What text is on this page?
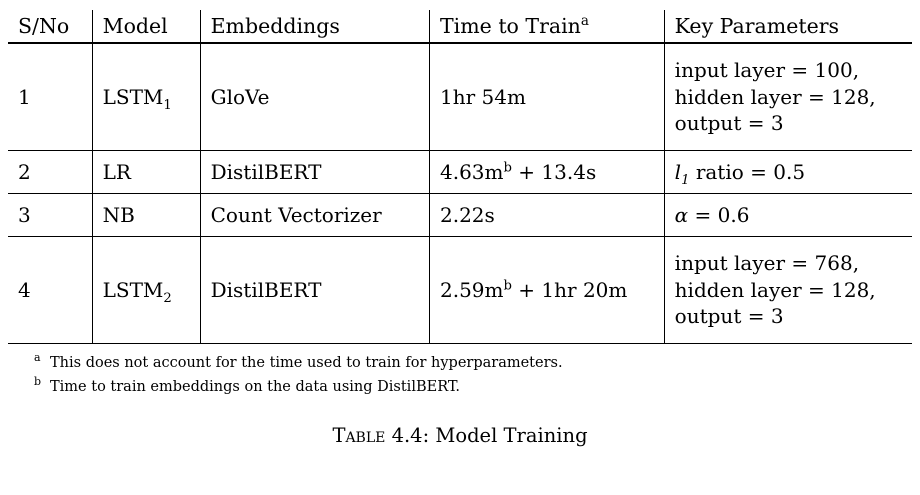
S/No	Model	Embeddings	Time to Train$^a$	Key Parameters
1	$LSTM_1$	GloVe	1hr 54m	input layer = 100,
hidden layer = 128,
output = 3

2	LR	DistilBERT	$4.63m^b + 13.4s$	$l_1$ ratio = 0.5
3	NB	Count Vectorizer	2.22s	α = 0.6
4	$LSTM_2$	DistilBERT	$2.59m^b + 1hr$ 20m	input layer = 768,
hidden layer = 128,
output = 3
a This does not account for the time used to train for hyperparameters.
b Time to train embeddings on the data using DistilBERT.
Table 4.4: Model Training
